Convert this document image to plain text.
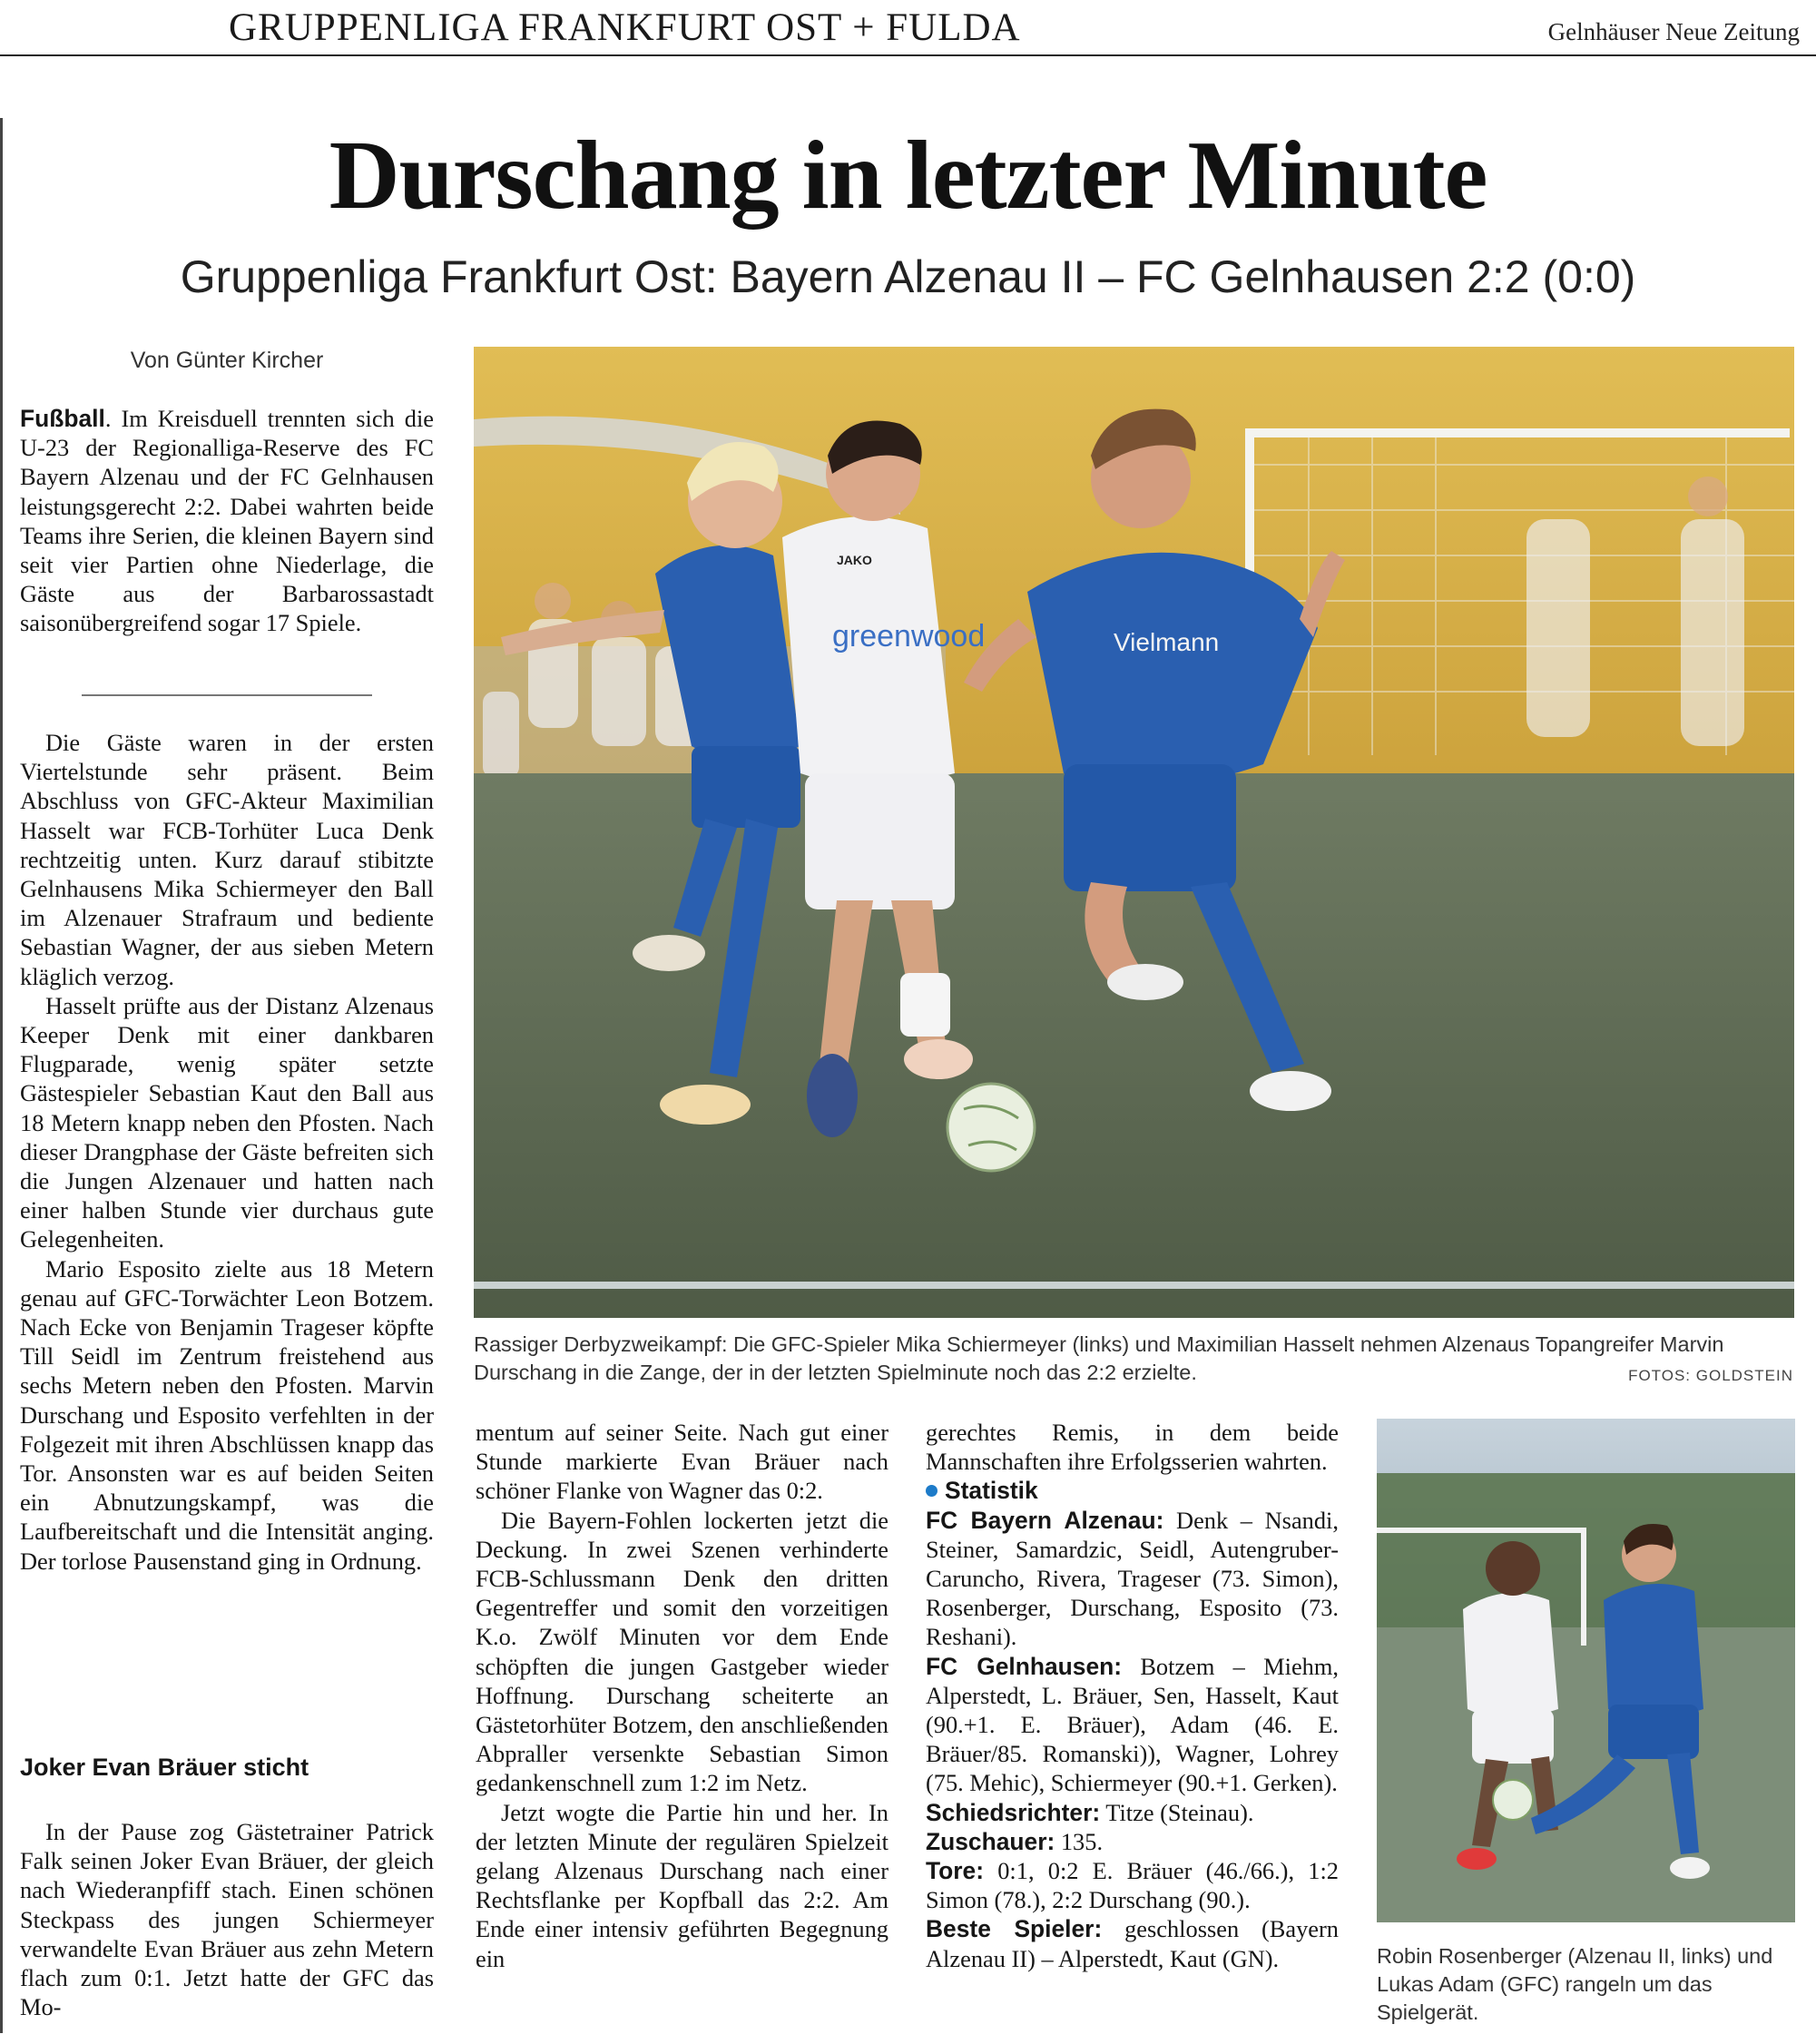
GRUPPENLIGA FRANKFURT OST + FULDA	Gelnhäuser Neue Zeitung
Durschang in letzter Minute
Gruppenliga Frankfurt Ost: Bayern Alzenau II – FC Gelnhausen 2:2 (0:0)
Von Günter Kircher

Fußball. Im Kreisduell trennten sich die U-23 der Regionalliga-Reserve des FC Bayern Alzenau und der FC Gelnhausen leistungsgerecht 2:2. Dabei wahrten beide Teams ihre Serien, die kleinen Bayern sind seit vier Partien ohne Niederlage, die Gäste aus der Barbarossastadt saisonübergreifend sogar 17 Spiele.

Die Gäste waren in der ersten Viertelstunde sehr präsent. Beim Abschluss von GFC-Akteur Maximilian Hasselt war FCB-Torhüter Luca Denk rechtzeitig unten. Kurz darauf stibitzte Gelnhausens Mika Schiermeyer den Ball im Alzenauer Strafraum und bediente Sebastian Wagner, der aus sieben Metern kläglich verzog.

Hasselt prüfte aus der Distanz Alzenaus Keeper Denk mit einer dankbaren Flugparade, wenig später setzte Gästespieler Sebastian Kaut den Ball aus 18 Metern knapp neben den Pfosten. Nach dieser Drangphase der Gäste befreiten sich die Jungen Alzenauer und hatten nach einer halben Stunde vier durchaus gute Gelegenheiten.

Mario Esposito zielte aus 18 Metern genau auf GFC-Torwächter Leon Botzem. Nach Ecke von Benjamin Trageser köpfte Till Seidl im Zentrum freistehend aus sechs Metern neben den Pfosten. Marvin Durschang und Esposito verfehlten in der Folgezeit mit ihren Abschlüssen knapp das Tor. Ansonsten war es auf beiden Seiten ein Abnutzungskampf, was die Laufbereitschaft und die Intensität anging. Der torlose Pausenstand ging in Ordnung.

Joker Evan Bräuer sticht

In der Pause zog Gästetrainer Patrick Falk seinen Joker Evan Bräuer, der gleich nach Wiederanpfiff stach. Einen schönen Steckpass des jungen Schiermeyer verwandelte Evan Bräuer aus zehn Metern flach zum 0:1. Jetzt hatte der GFC das Mo-

mentum auf seiner Seite. Nach gut einer Stunde markierte Evan Bräuer nach schöner Flanke von Wagner das 0:2.

Die Bayern-Fohlen lockerten jetzt die Deckung. In zwei Szenen verhinderte FCB-Schlussmann Denk den dritten Gegentreffer und somit den vorzeitigen K.o. Zwölf Minuten vor dem Ende schöpften die jungen Gastgeber wieder Hoffnung. Durschang scheiterte an Gästetorhüter Botzem, den anschließenden Abpraller versenkte Sebastian Simon gedankenschnell zum 1:2 im Netz.

Jetzt wogte die Partie hin und her. In der letzten Minute der regulären Spielzeit gelang Alzenaus Durschang nach einer Rechtsflanke per Kopfball das 2:2. Am Ende einer intensiv geführten Begegnung ein

gerechtes Remis, in dem beide Mannschaften ihre Erfolgsserien wahrten.

Statistik

FC Bayern Alzenau: Denk – Nsandi, Steiner, Samardzic, Seidl, Autengruber-Caruncho, Rivera, Trageser (73. Simon), Rosenberger, Durschang, Esposito (73. Reshani).

FC Gelnhausen: Botzem – Miehm, Alperstedt, L. Bräuer, Sen, Hasselt, Kaut (90.+1. E. Bräuer), Adam (46. E. Bräuer/85. Romanski)), Wagner, Lohrey (75. Mehic), Schiermeyer (90.+1. Gerken).

Schiedsrichter: Titze (Steinau).

Zuschauer: 135.

Tore: 0:1, 0:2 E. Bräuer (46./66.), 1:2 Simon (78.), 2:2 Durschang (90.).

Beste Spieler: geschlossen (Bayern Alzenau II) – Alperstedt, Kaut (GN).

greenwood
JAKO
Vielmann
Rassiger Derbyzweikampf: Die GFC-Spieler Mika Schiermeyer (links) und Maximilian Hasselt nehmen Alzenaus Topangreifer Marvin Durschang in die Zange, der in der letzten Spielminute noch das 2:2 erzielte.	FOTOS: GOLDSTEIN
Robin Rosenberger (Alzenau II, links) und Lukas Adam (GFC) rangeln um das Spielgerät.
